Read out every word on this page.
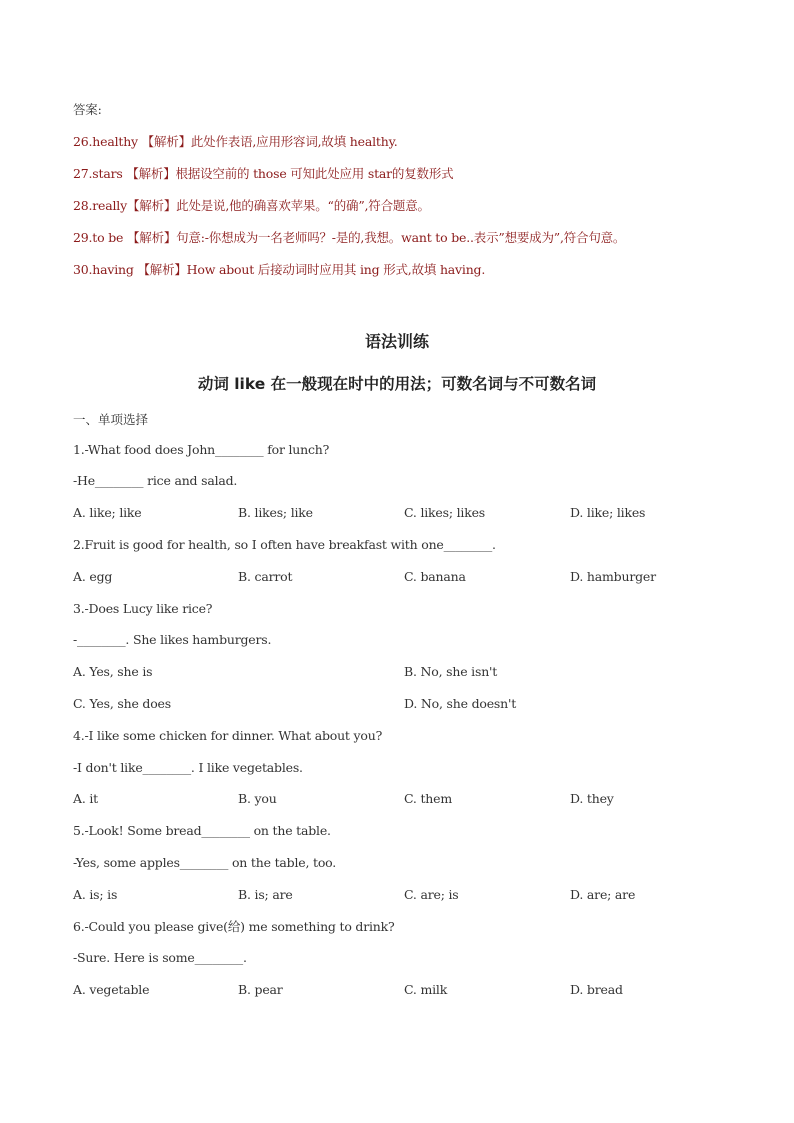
答案:
26.healthy 【解析】此处作表语,应用形容词,故填 healthy.
27.stars 【解析】根据设空前的 those 可知此处应用 star的复数形式
28.really【解析】此处是说,他的确喜欢苹果。“的确”,符合题意。
29.to be 【解析】句意:-你想成为一名老师吗？-是的,我想。want to be..表示”想要成为”,符合句意。
30.having 【解析】How about 后接动词时应用其 ing 形式,故填 having.
语法训练
动词 like 在一般现在时中的用法；可数名词与不可数名词
一、单项选择
1.-What food does John________ for lunch?
-He________ rice and salad.
A. like; like	B. likes; like	C. likes; likes	D. like; likes
2.Fruit is good for health, so I often have breakfast with one________.
A. egg	B. carrot	C. banana	D. hamburger
3.-Does Lucy like rice?
-________. She likes hamburgers.
A. Yes, she is	B. No, she isn't
C. Yes, she does	D. No, she doesn't
4.-I like some chicken for dinner. What about you?
-I don't like________. I like vegetables.
A. it	B. you	C. them	D. they
5.-Look! Some bread________ on the table.
-Yes, some apples________ on the table, too.
A. is; is	B. is; are	C. are; is	D. are; are
6.-Could you please give(给) me something to drink?
-Sure. Here is some________.
A. vegetable	B. pear	C. milk	D. bread
